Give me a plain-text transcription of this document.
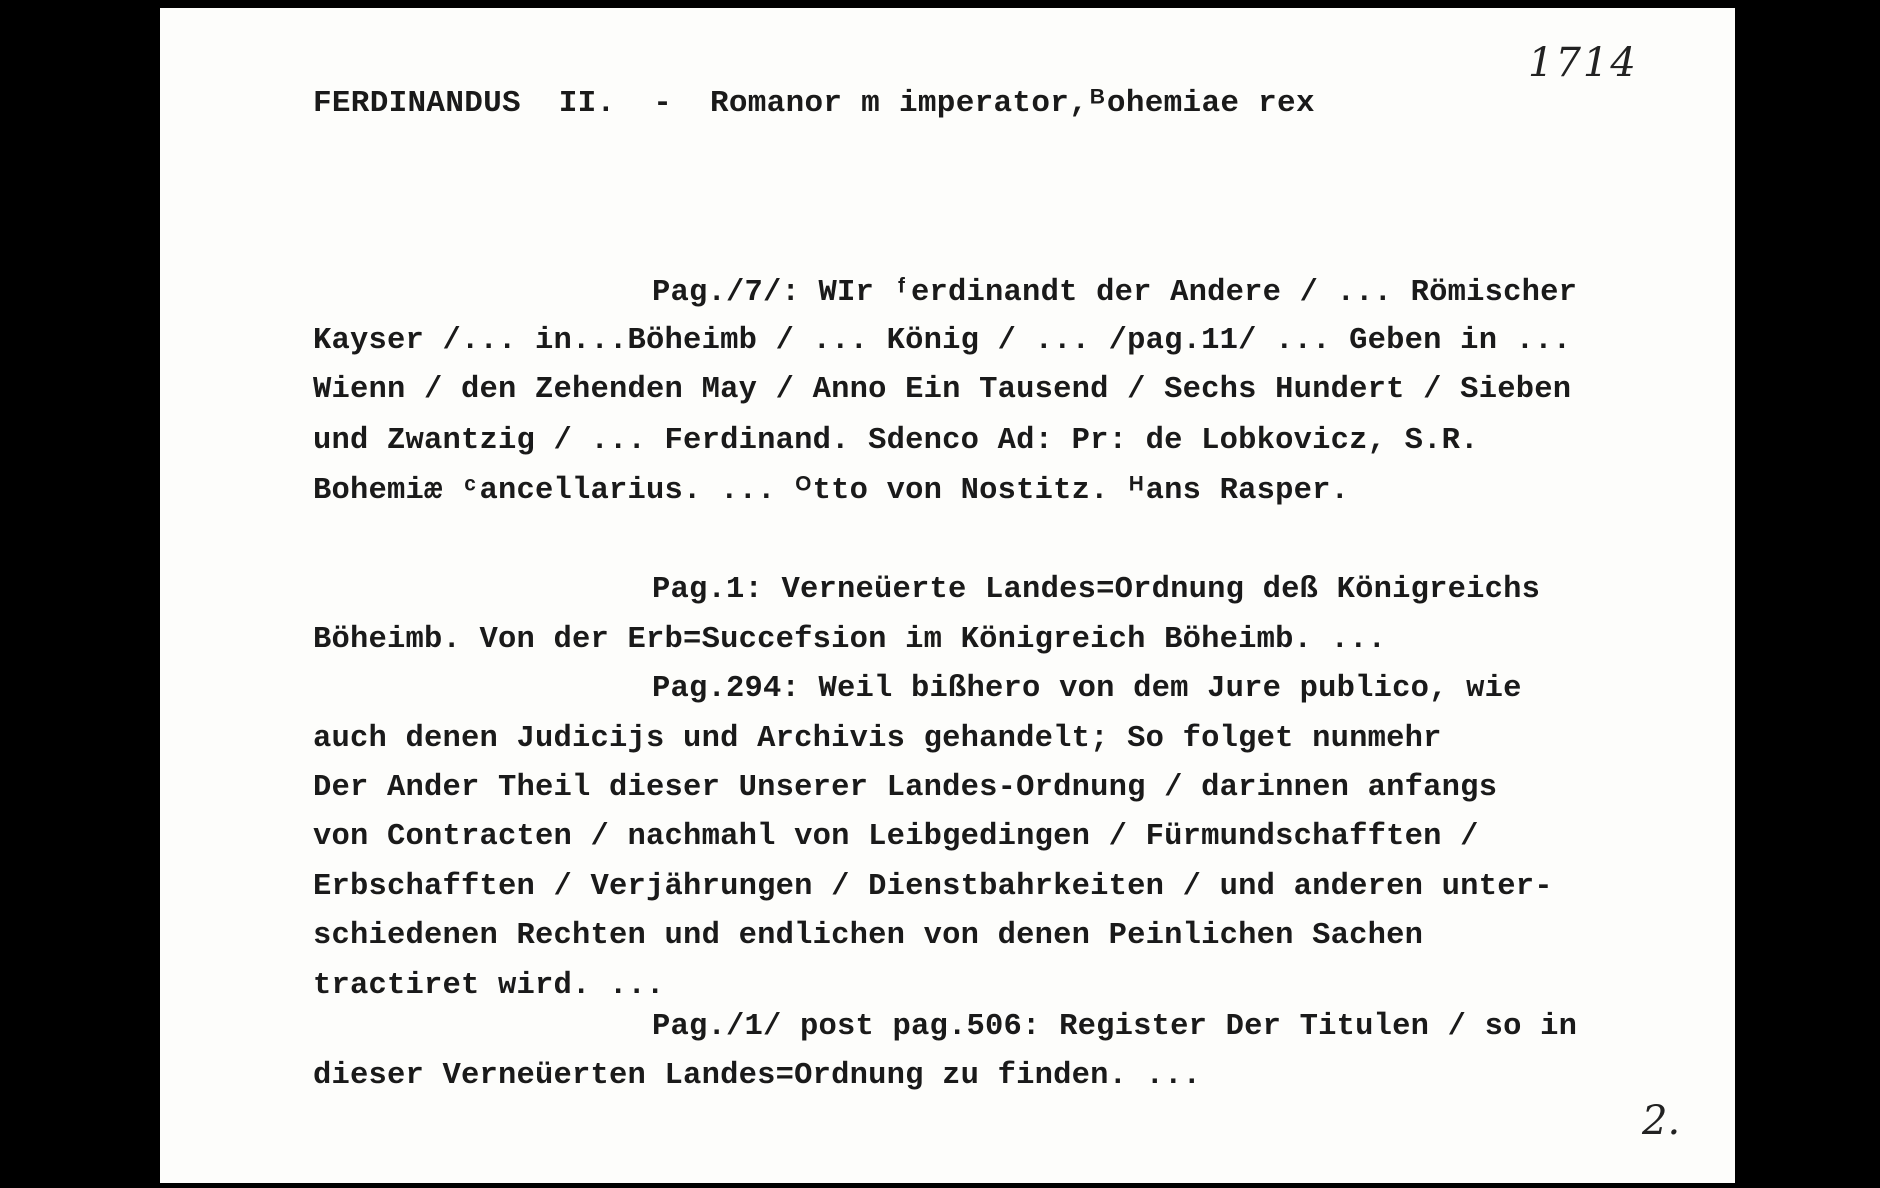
1714
FERDINANDUS  II.  -  Romanor m imperator,ᴮohemiae rex
Pag./7/: WIr ᶠerdinandt der Andere / ... Römischer
Kayser /... in...Böheimb / ... König / ... /pag.11/ ... Geben in ...
Wienn / den Zehenden May / Anno Ein Tausend / Sechs Hundert / Sieben
und Zwantzig / ... Ferdinand. Sdenco Ad: Pr: de Lobkovicz, S.R.
Bohemiæ ᶜancellarius. ... ᴼtto von Nostitz. ᴴans Rasper.
Pag.1: Verneüerte Landes=Ordnung deß Königreichs
Böheimb. Von der Erb=Succefsion im Königreich Böheimb. ...
Pag.294: Weil bißhero von dem Jure publico, wie
auch denen Judicijs und Archivis gehandelt; So folget nunmehr
Der Ander Theil dieser Unserer Landes-Ordnung / darinnen anfangs
von Contracten / nachmahl von Leibgedingen / Fürmundschafften /
Erbschafften / Verjährungen / Dienstbahrkeiten / und anderen unter-
schiedenen Rechten und endlichen von denen Peinlichen Sachen
tractiret wird. ...
Pag./1/ post pag.506: Register Der Titulen / so in
dieser Verneüerten Landes=Ordnung zu finden. ...
2.
